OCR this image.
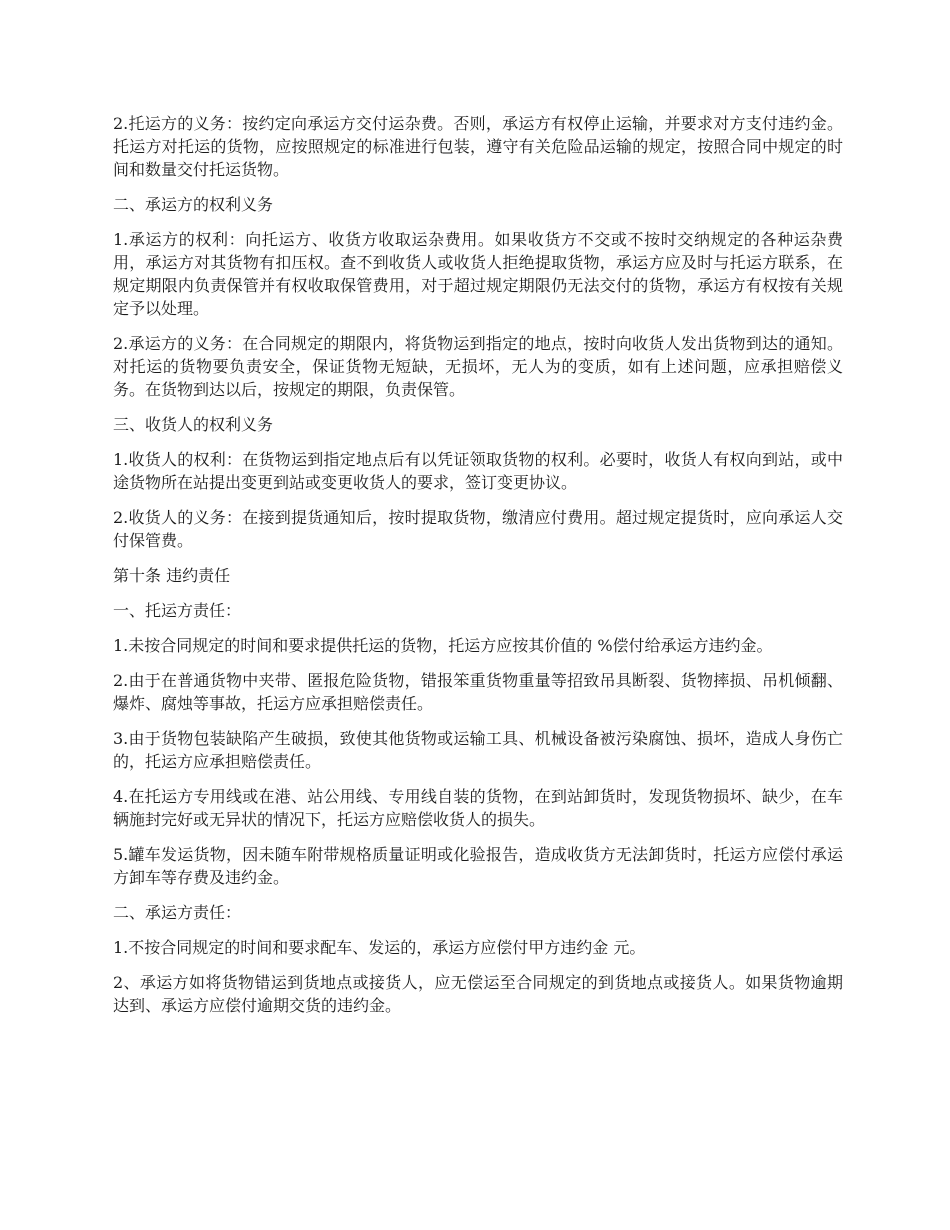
2.托运方的义务：按约定向承运方交付运杂费。否则，承运方有权停止运输，并要求对方支付违约金。托运方对托运的货物，应按照规定的标准进行包装，遵守有关危险品运输的规定，按照合同中规定的时间和数量交付托运货物。

二、承运方的权利义务

1.承运方的权利：向托运方、收货方收取运杂费用。如果收货方不交或不按时交纳规定的各种运杂费用，承运方对其货物有扣压权。查不到收货人或收货人拒绝提取货物，承运方应及时与托运方联系，在规定期限内负责保管并有权收取保管费用，对于超过规定期限仍无法交付的货物，承运方有权按有关规定予以处理。

2.承运方的义务：在合同规定的期限内，将货物运到指定的地点，按时向收货人发出货物到达的通知。对托运的货物要负责安全，保证货物无短缺，无损坏，无人为的变质，如有上述问题，应承担赔偿义务。在货物到达以后，按规定的期限，负责保管。

三、收货人的权利义务

1.收货人的权利：在货物运到指定地点后有以凭证领取货物的权利。必要时，收货人有权向到站，或中途货物所在站提出变更到站或变更收货人的要求，签订变更协议。

2.收货人的义务：在接到提货通知后，按时提取货物，缴清应付费用。超过规定提货时，应向承运人交付保管费。

第十条 违约责任

一、托运方责任：

1.未按合同规定的时间和要求提供托运的货物，托运方应按其价值的 %偿付给承运方违约金。

2.由于在普通货物中夹带、匿报危险货物，错报笨重货物重量等招致吊具断裂、货物摔损、吊机倾翻、爆炸、腐烛等事故，托运方应承担赔偿责任。

3.由于货物包装缺陷产生破损，致使其他货物或运输工具、机械设备被污染腐蚀、损坏，造成人身伤亡的，托运方应承担赔偿责任。

4.在托运方专用线或在港、站公用线、专用线自装的货物，在到站卸货时，发现货物损坏、缺少，在车辆施封完好或无异状的情况下，托运方应赔偿收货人的损失。

5.罐车发运货物，因未随车附带规格质量证明或化验报告，造成收货方无法卸货时，托运方应偿付承运方卸车等存费及违约金。

二、承运方责任：

1.不按合同规定的时间和要求配车、发运的，承运方应偿付甲方违约金 元。

2、承运方如将货物错运到货地点或接货人，应无偿运至合同规定的到货地点或接货人。如果货物逾期达到、承运方应偿付逾期交货的违约金。
